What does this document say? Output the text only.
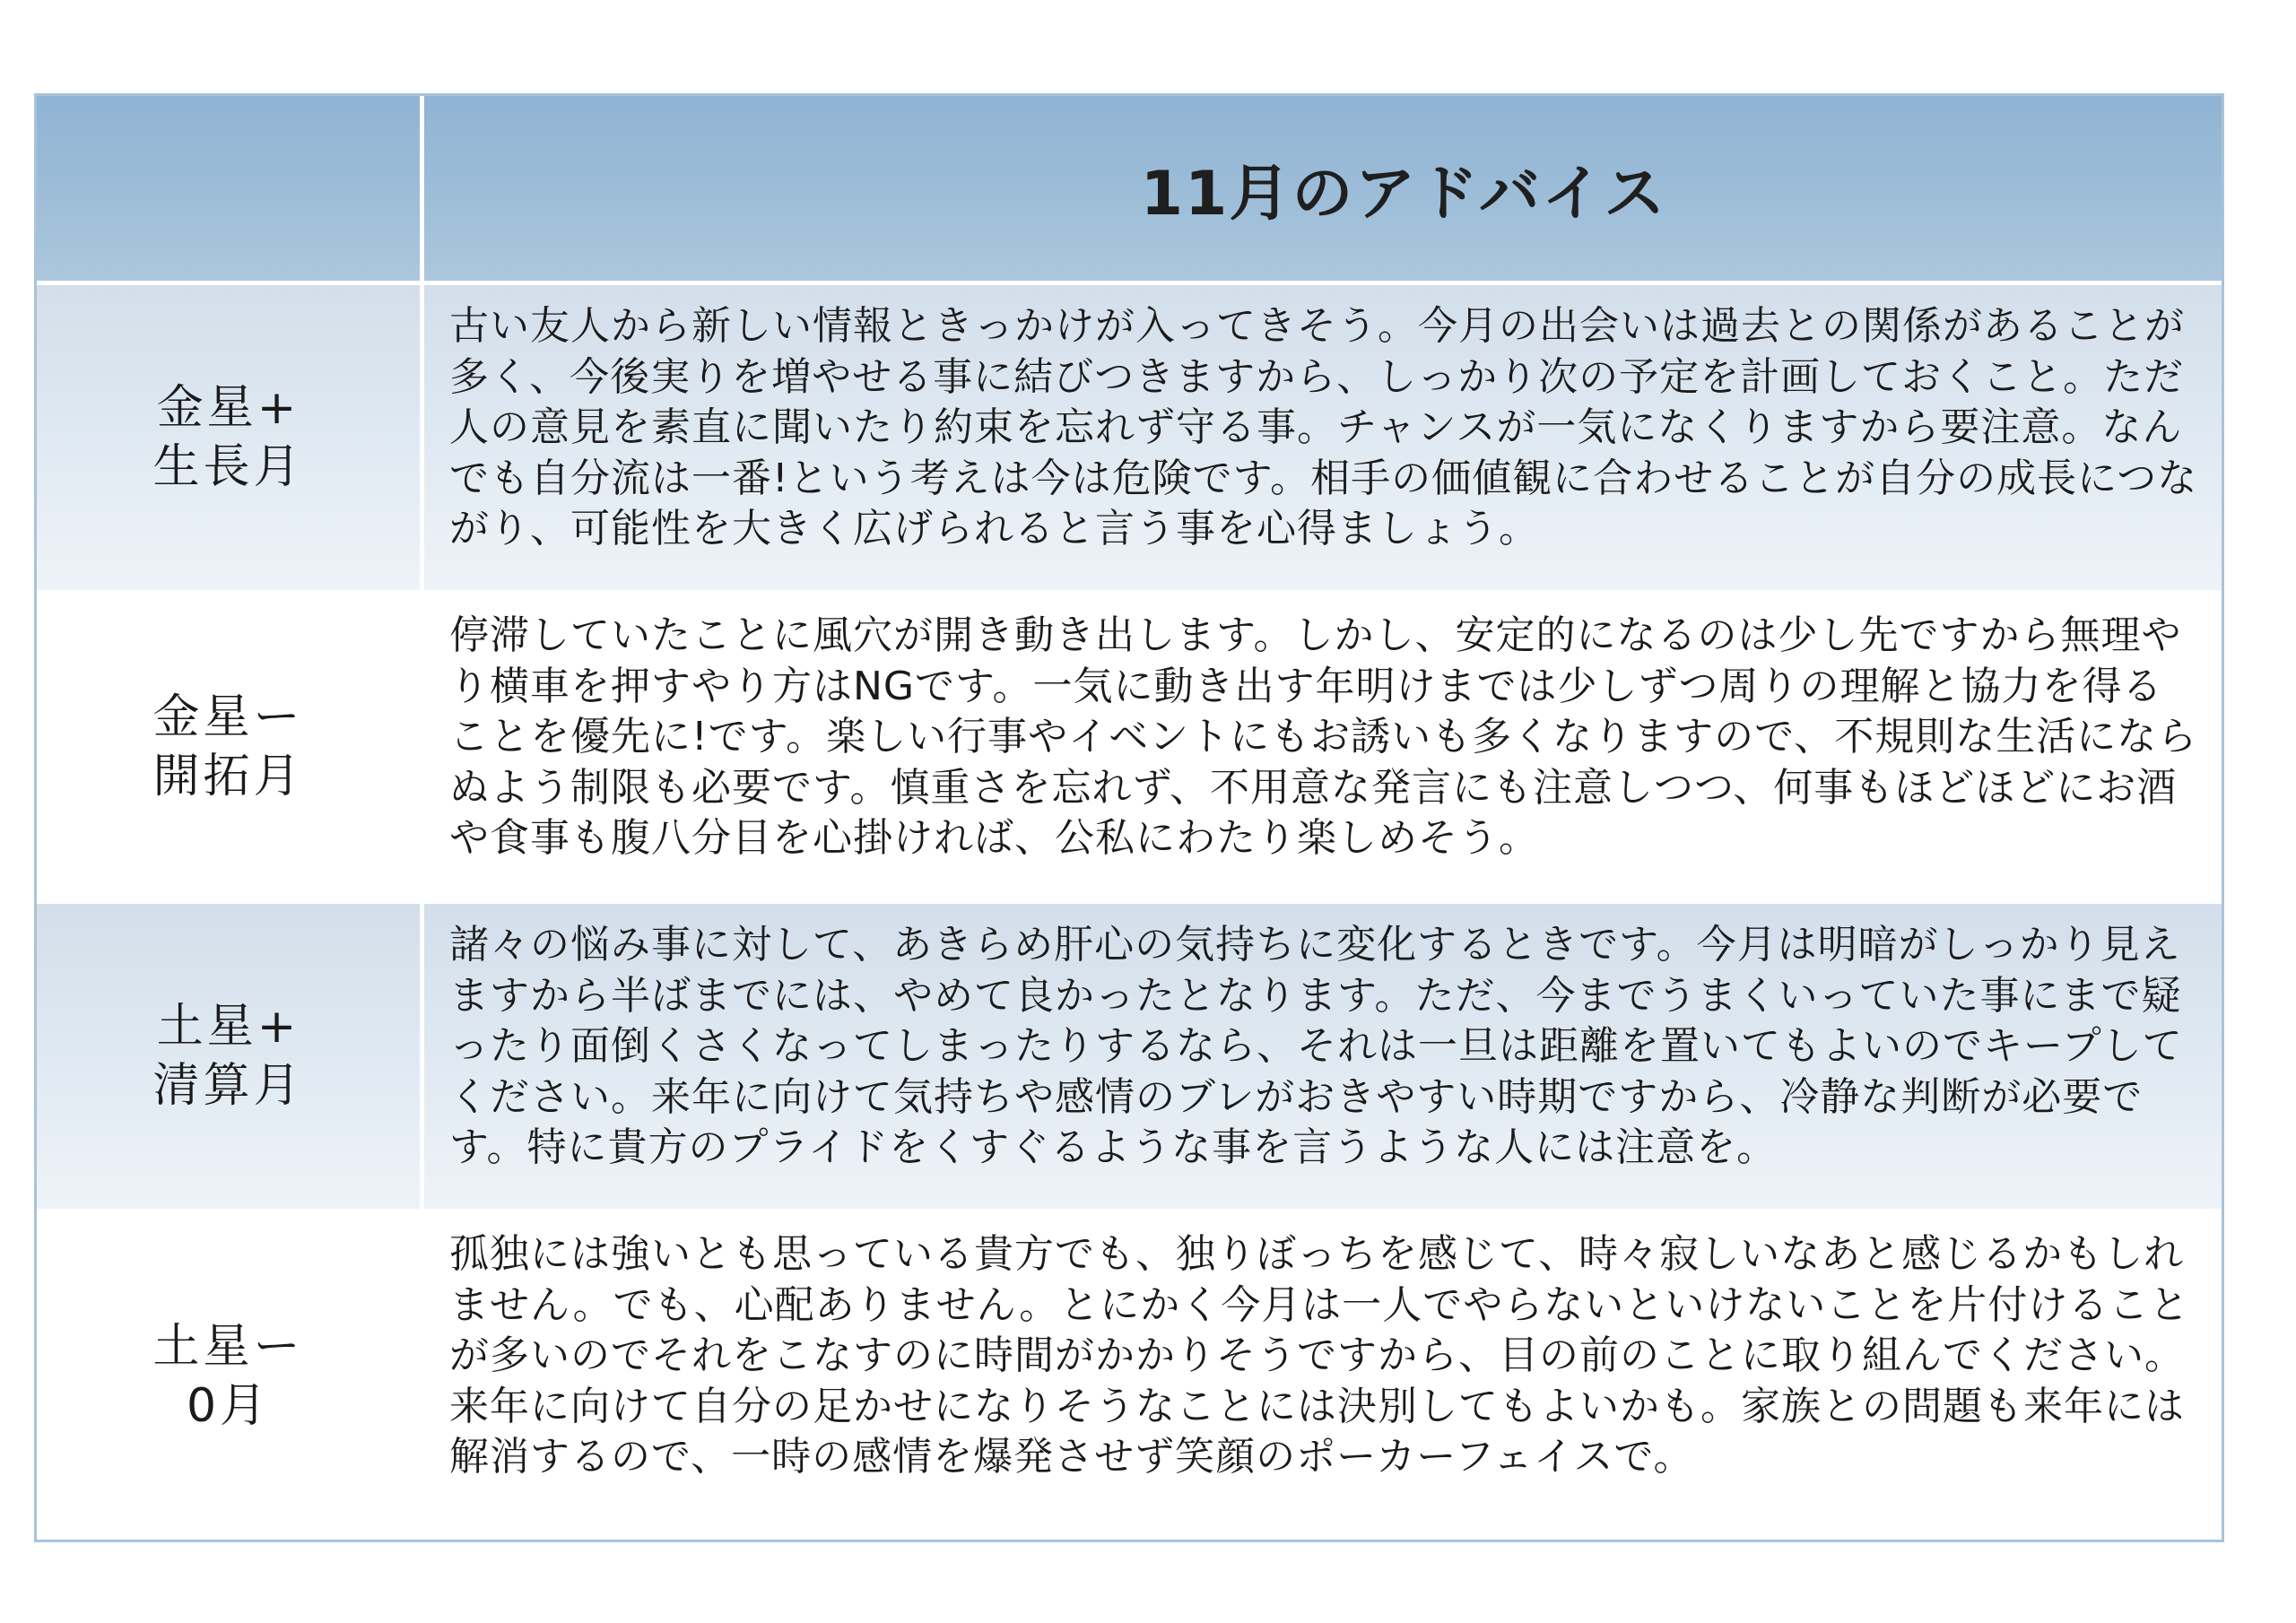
11月のアドバイス
金星+
生長月

古い友人から新しい情報ときっかけが入ってきそう。今月の出会いは過去との関係があることが多く、今後実りを増やせる事に結びつきますから、しっかり次の予定を計画しておくこと。ただ人の意見を素直に聞いたり約束を忘れず守る事。チャンスが一気になくりますから要注意。なんでも自分流は一番!という考えは今は危険です。相手の価値観に合わせることが自分の成長につながり、可能性を大きく広げられると言う事を心得ましょう。

金星ー
開拓月

停滞していたことに風穴が開き動き出します。しかし、安定的になるのは少し先ですから無理やり横車を押すやり方はNGです。一気に動き出す年明けまでは少しずつ周りの理解と協力を得ることを優先に!です。楽しい行事やイベントにもお誘いも多くなりますので、不規則な生活にならぬよう制限も必要です。慎重さを忘れず、不用意な発言にも注意しつつ、何事もほどほどにお酒や食事も腹八分目を心掛ければ、公私にわたり楽しめそう。

土星+
清算月

諸々の悩み事に対して、あきらめ肝心の気持ちに変化するときです。今月は明暗がしっかり見えますから半ばまでには、やめて良かったとなります。ただ、今までうまくいっていた事にまで疑ったり面倒くさくなってしまったりするなら、それは一旦は距離を置いてもよいのでキープしてください。来年に向けて気持ちや感情のブレがおきやすい時期ですから、冷静な判断が必要です。特に貴方のプライドをくすぐるような事を言うような人には注意を。

土星ー
0月

孤独には強いとも思っている貴方でも、独りぼっちを感じて、時々寂しいなあと感じるかもしれません。でも、心配ありません。とにかく今月は一人でやらないといけないことを片付けることが多いのでそれをこなすのに時間がかかりそうですから、目の前のことに取り組んでください。来年に向けて自分の足かせになりそうなことには決別してもよいかも。家族との問題も来年には解消するので、一時の感情を爆発させず笑顔のポーカーフェイスで。
